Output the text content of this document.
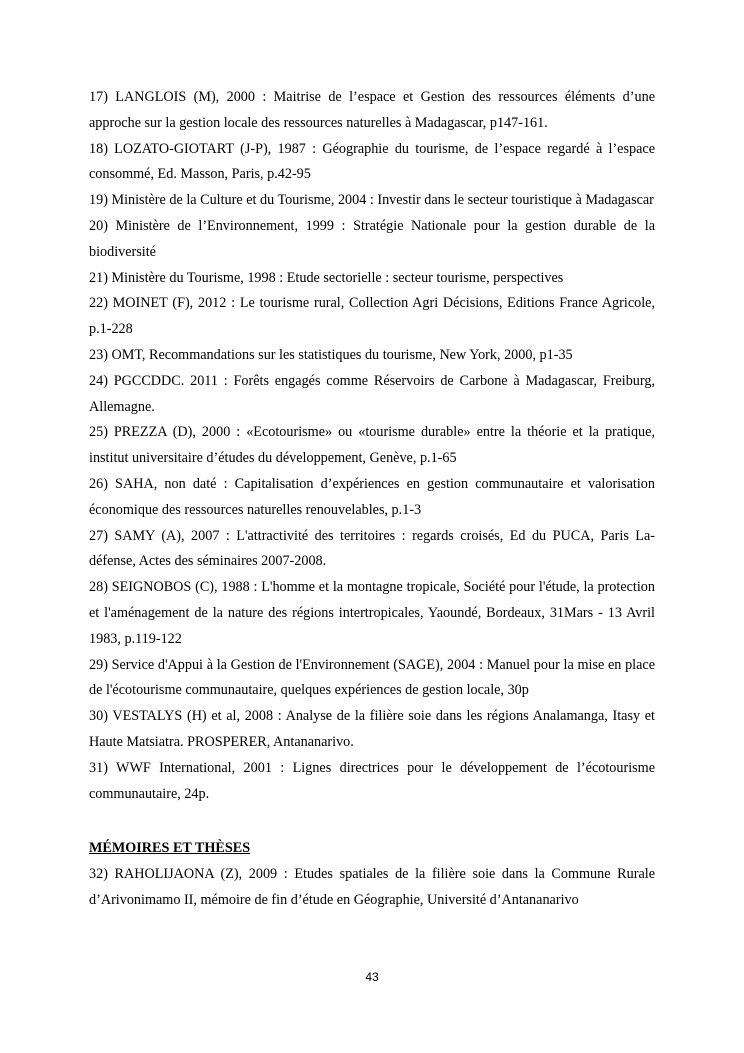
17) LANGLOIS (M), 2000 : Maitrise de l’espace et Gestion des ressources éléments d’une approche sur la gestion locale des ressources naturelles à Madagascar, p147-161.

18) LOZATO-GIOTART (J-P), 1987 : Géographie du tourisme, de l’espace regardé à l’espace consommé, Ed. Masson, Paris, p.42-95

19) Ministère de la Culture et du Tourisme, 2004 : Investir dans le secteur touristique à Madagascar

20) Ministère de l’Environnement, 1999 : Stratégie Nationale pour la gestion durable de la biodiversité

21) Ministère du Tourisme, 1998 : Etude sectorielle : secteur tourisme, perspectives

22) MOINET (F), 2012 : Le tourisme rural, Collection Agri Décisions, Editions France Agricole, p.1-228

23) OMT, Recommandations sur les statistiques du tourisme, New York, 2000, p1-35

24) PGCCDDC. 2011 : Forêts engagés comme Réservoirs de Carbone à Madagascar, Freiburg, Allemagne.

25) PREZZA (D), 2000 : «Ecotourisme» ou «tourisme durable» entre la théorie et la pratique, institut universitaire d’études du développement, Genève, p.1-65

26) SAHA, non daté : Capitalisation d’expériences en gestion communautaire et valorisation économique des ressources naturelles renouvelables, p.1-3

27) SAMY (A), 2007 : L'attractivité des territoires : regards croisés, Ed du PUCA, Paris La-défense, Actes des séminaires 2007-2008.

28) SEIGNOBOS (C), 1988 : L'homme et la montagne tropicale, Société pour l'étude, la protection et l'aménagement de la nature des régions intertropicales, Yaoundé, Bordeaux, 31Mars - 13 Avril 1983, p.119-122

29) Service d'Appui à la Gestion de l'Environnement (SAGE), 2004 : Manuel pour la mise en place de l'écotourisme communautaire, quelques expériences de gestion locale, 30p

30) VESTALYS (H) et al, 2008 : Analyse de la filière soie dans les régions Analamanga, Itasy et Haute Matsiatra. PROSPERER, Antananarivo.

31) WWF International, 2001 : Lignes directrices pour le développement de l’écotourisme communautaire, 24p.

MÉMOIRES ET THÈSES

32) RAHOLIJAONA (Z), 2009 : Etudes spatiales de la filière soie dans la Commune Rurale d’Arivonimamo II, mémoire de fin d’étude en Géographie, Université d’Antananarivo

43
